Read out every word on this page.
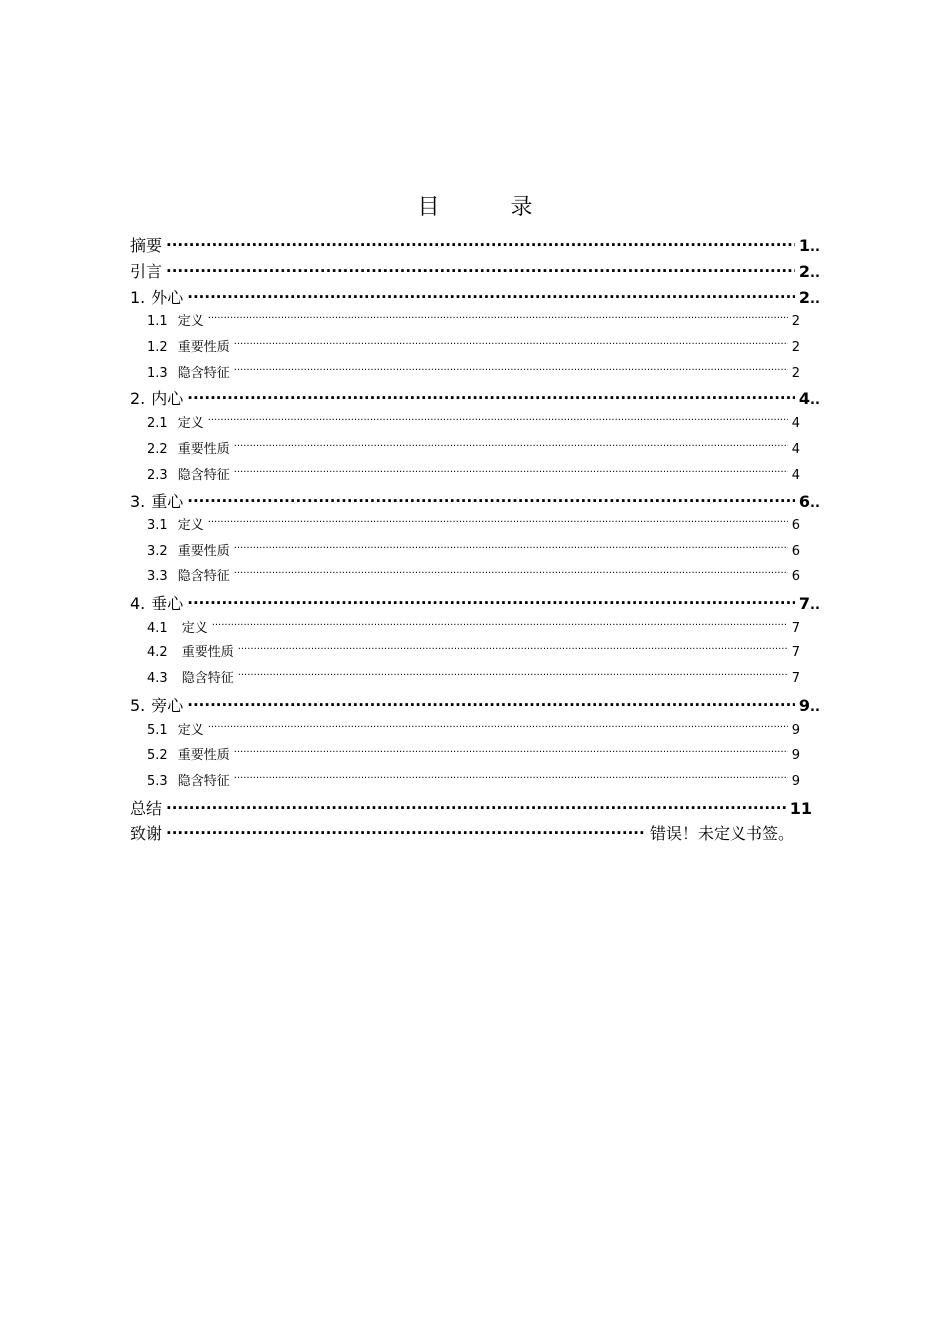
目 录
摘要 .....	1 ..
引言 .....	2 ..
1. 外心 .....	2 ..
1.1 定义 .....	2
1.2 重要性质 .....	2
1.3 隐含特征 .....	2
2. 内心 .....	4 ..
2.1 定义 .....	4
2.2 重要性质 .....	4
2.3 隐含特征 .....	4
3. 重心 .....	6 ..
3.1 定义 .....	6
3.2 重要性质 .....	6
3.3 隐含特征 .....	6
4. 垂心 .....	7 ..
4.1 定义 .....	7
4.2 重要性质 .....	7
4.3 隐含特征 .....	7
5. 旁心 .....	9 ..
5.1 定义 .....	9
5.2 重要性质 .....	9
5.3 隐含特征 .....	9
总结 .....	11
致谢 .....	错误！未定义书签。
